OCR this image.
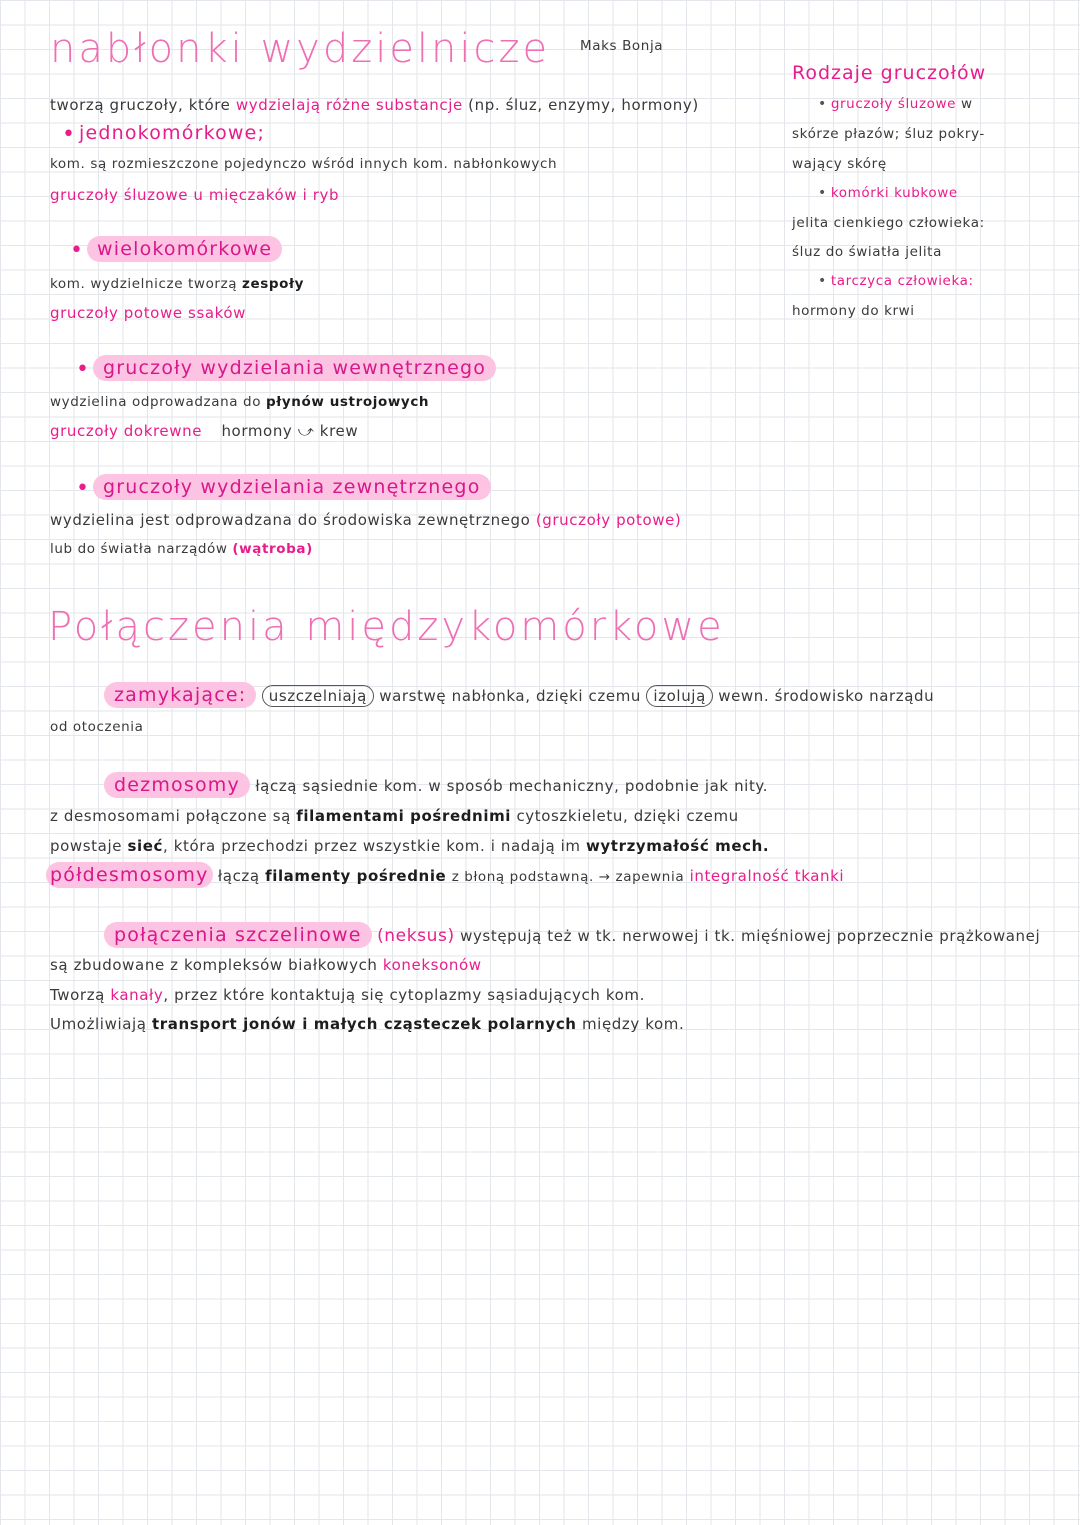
nabłonki wydzielnicze Maks Bonja
tworzą gruczoły, które wydzielają różne substancje (np. śluz, enzymy, hormony)
• jednokomórkowe;
kom. są rozmieszczone pojedynczo wśród innych kom. nabłonkowych
gruczoły śluzowe u mięczaków i ryb
• wielokomórkowe
kom. wydzielnicze tworzą zespoły
gruczoły potowe ssaków
• gruczoły wydzielania wewnętrznego
wydzielina odprowadzana do płynów ustrojowych
gruczoły dokrewne hormony ⤻ krew
• gruczoły wydzielania zewnętrznego
wydzielina jest odprowadzana do środowiska zewnętrznego (gruczoły potowe)
lub do światła narządów (wątroba)
Rodzaje gruczołów
• gruczoły śluzowe w
skórze płazów; śluz pokry-
wający skórę
• komórki kubkowe
jelita cienkiego człowieka:
śluz do światła jelita
• tarczyca człowieka:
hormony do krwi
Połączenia międzykomórkowe
zamykające: uszczelniają warstwę nabłonka, dzięki czemu izolują wewn. środowisko narządu
od otoczenia
dezmosomy łączą sąsiednie kom. w sposób mechaniczny, podobnie jak nity.
z desmosomami połączone są filamentami pośrednimi cytoszkieletu, dzięki czemu
powstaje sieć, która przechodzi przez wszystkie kom. i nadają im wytrzymałość mech.
półdesmosomy łączą filamenty pośrednie z błoną podstawną. → zapewnia integralność tkanki
połączenia szczelinowe (neksus) występują też w tk. nerwowej i tk. mięśniowej poprzecznie prążkowanej
są zbudowane z kompleksów białkowych koneksonów
Tworzą kanały, przez które kontaktują się cytoplazmy sąsiadujących kom.
Umożliwiają transport jonów i małych cząsteczek polarnych między kom.
